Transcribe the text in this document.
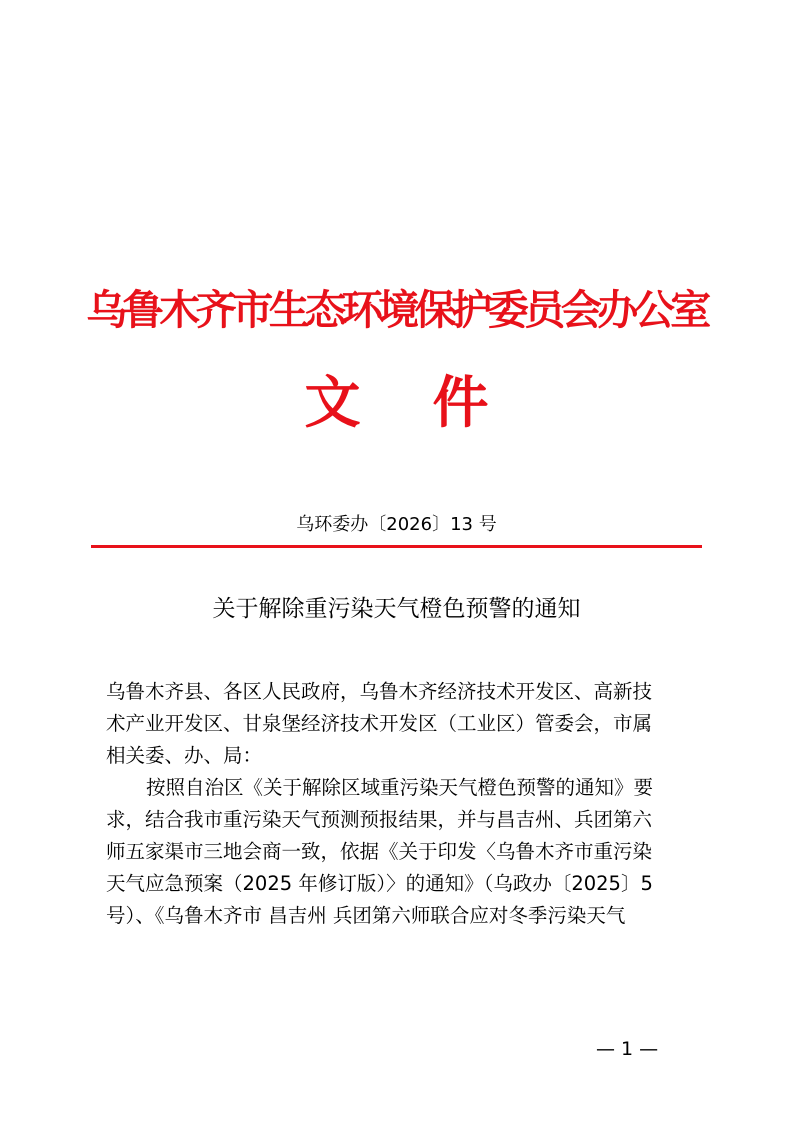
乌鲁木齐市生态环境保护委员会办公室
文 件
乌环委办〔2026〕13 号
关于解除重污染天气橙色预警的通知
乌鲁木齐县、各区人民政府，乌鲁木齐经济技术开发区、高新技
术产业开发区、甘泉堡经济技术开发区（工业区）管委会，市属
相关委、办、局：
按照自治区《关于解除区域重污染天气橙色预警的通知》要
求，结合我市重污染天气预测预报结果，并与昌吉州、兵团第六
师五家渠市三地会商一致，依据《关于印发〈乌鲁木齐市重污染
天气应急预案（2025 年修订版）〉的通知》（乌政办〔2025〕5
号）、《乌鲁木齐市 昌吉州 兵团第六师联合应对冬季污染天气
— 1 —
